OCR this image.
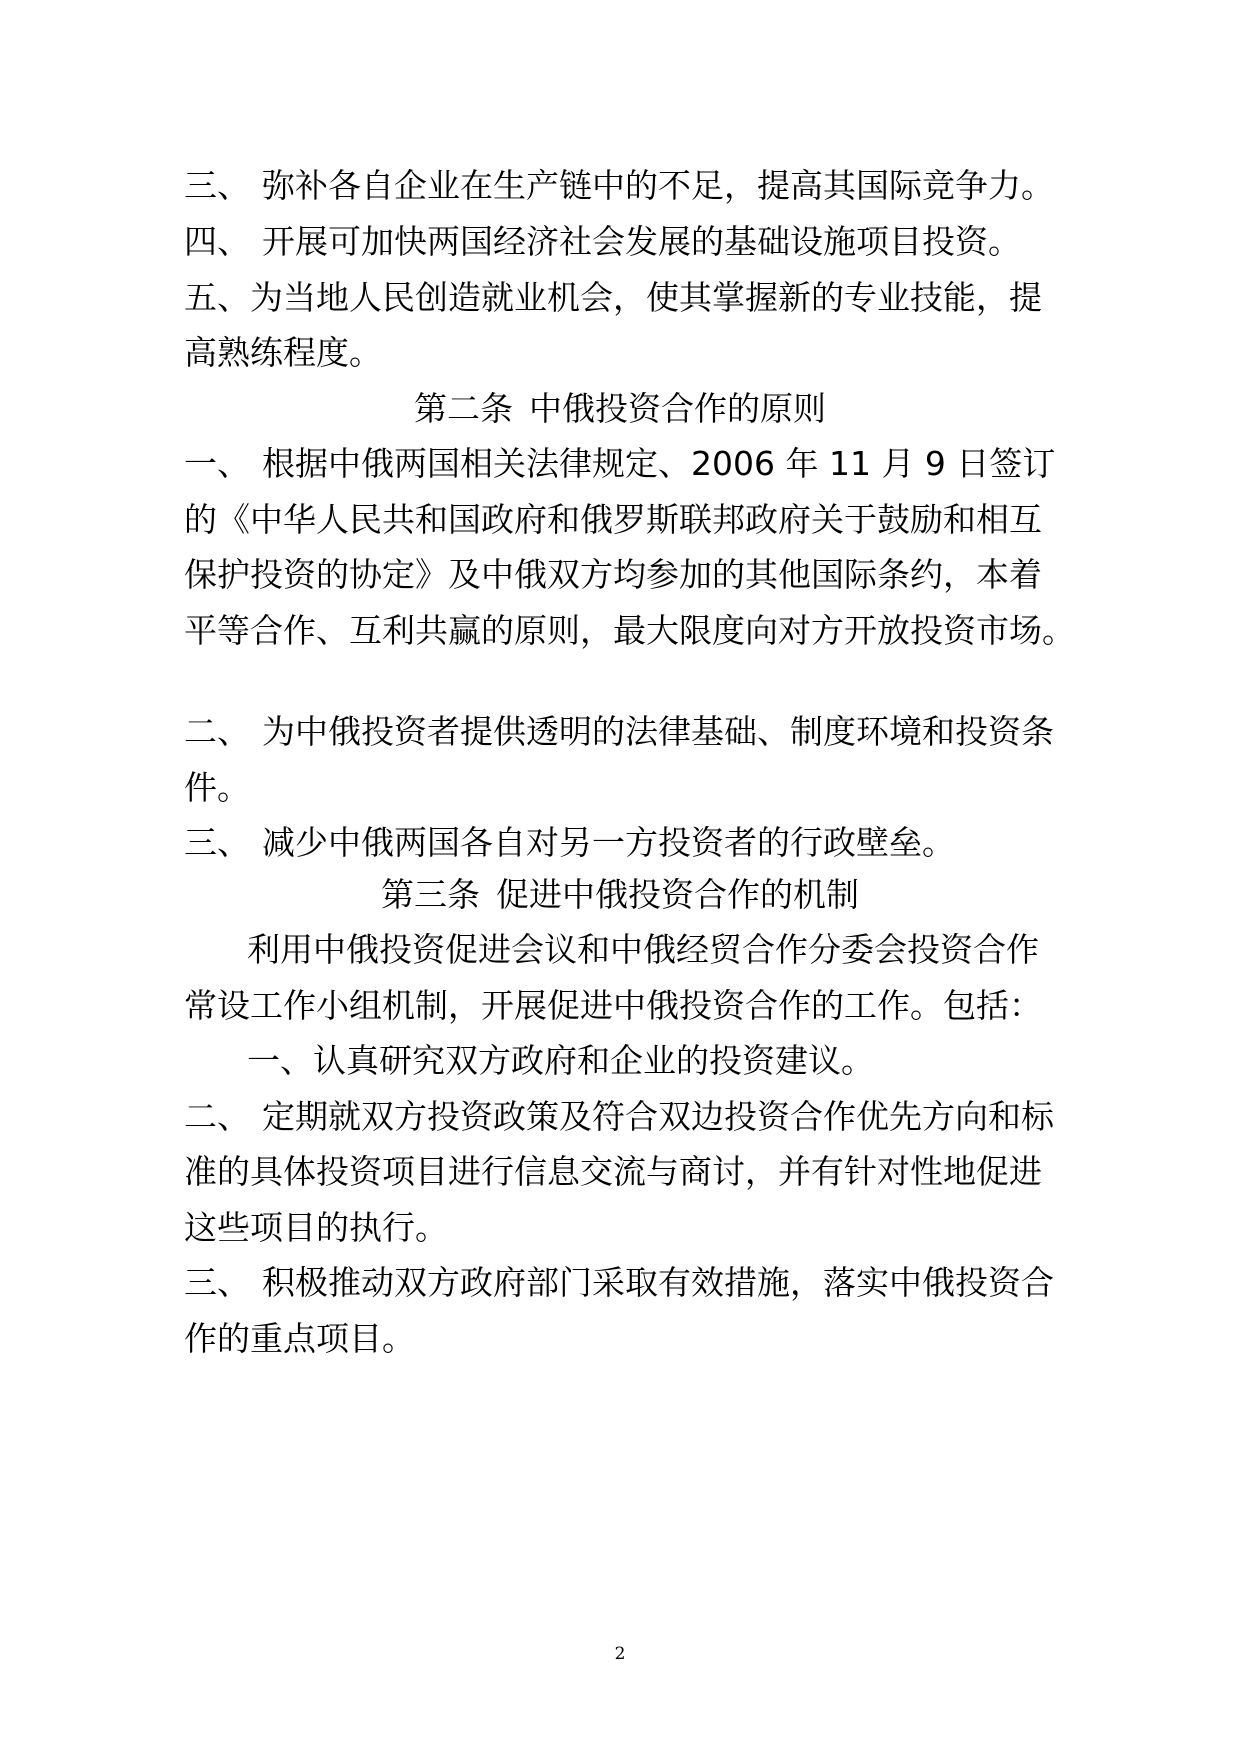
三、 弥补各自企业在生产链中的不足，提高其国际竞争力。
四、 开展可加快两国经济社会发展的基础设施项目投资。
五、为当地人民创造就业机会，使其掌握新的专业技能，提
高熟练程度。
第二条 中俄投资合作的原则
一、 根据中俄两国相关法律规定、2006 年 11 月 9 日签订
的《中华人民共和国政府和俄罗斯联邦政府关于鼓励和相互
保护投资的协定》及中俄双方均参加的其他国际条约，本着
平等合作、互利共赢的原则，最大限度向对方开放投资市场。
二、 为中俄投资者提供透明的法律基础、制度环境和投资条
件。
三、 减少中俄两国各自对另一方投资者的行政壁垒。
第三条 促进中俄投资合作的机制
利用中俄投资促进会议和中俄经贸合作分委会投资合作
常设工作小组机制，开展促进中俄投资合作的工作。包括：
一、认真研究双方政府和企业的投资建议。
二、 定期就双方投资政策及符合双边投资合作优先方向和标
准的具体投资项目进行信息交流与商讨，并有针对性地促进
这些项目的执行。
三、 积极推动双方政府部门采取有效措施，落实中俄投资合
作的重点项目。
2
